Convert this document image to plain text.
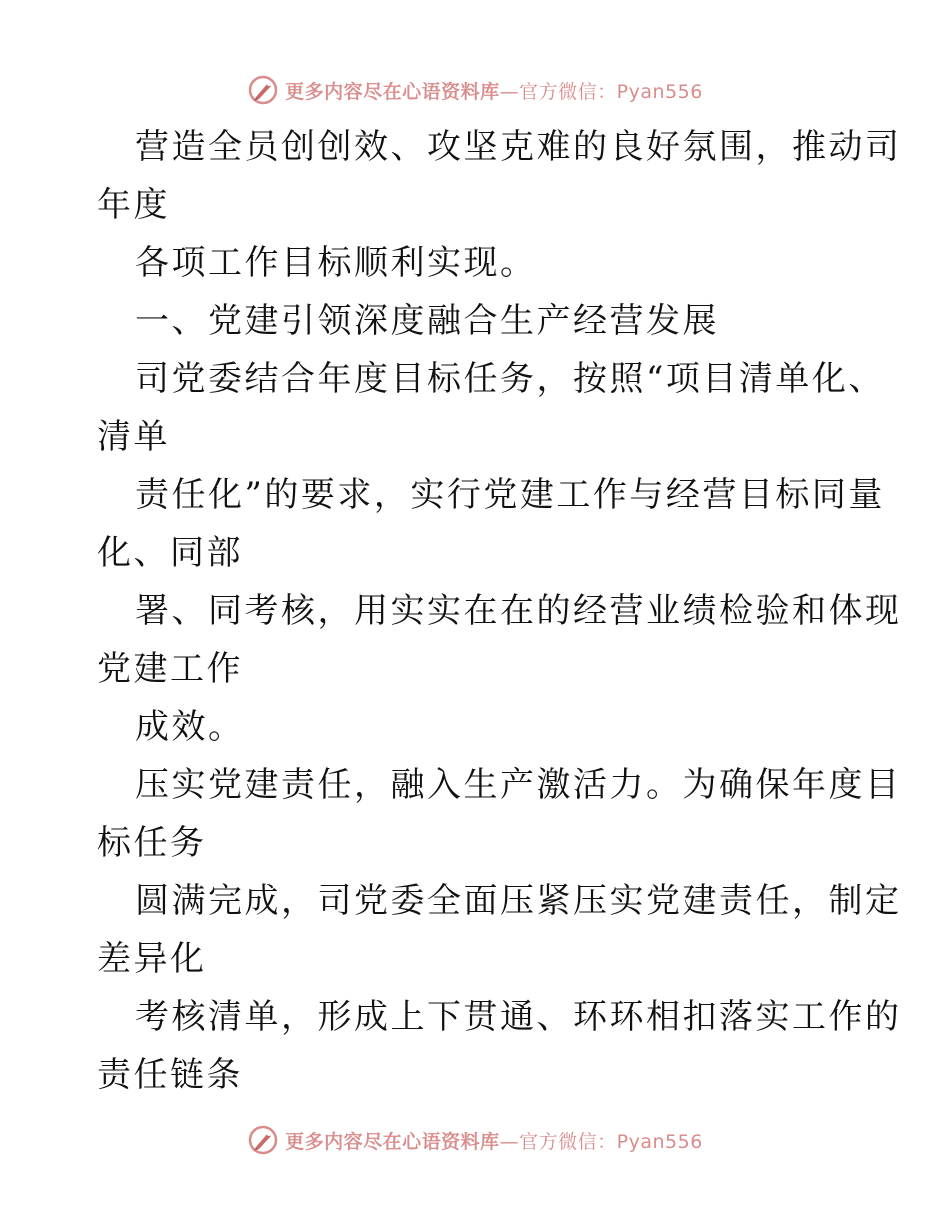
更多内容尽在心语资料库—官方微信：Pyan556
营造全员创创效、攻坚克难的良好氛围，推动司
年度
各项工作目标顺利实现。
一、党建引领深度融合生产经营发展
司党委结合年度目标任务，按照“项目清单化、
清单
责任化”的要求，实行党建工作与经营目标同量
化、同部
署、同考核，用实实在在的经营业绩检验和体现
党建工作
成效。
压实党建责任，融入生产激活力。为确保年度目
标任务
圆满完成，司党委全面压紧压实党建责任，制定
差异化
考核清单，形成上下贯通、环环相扣落实工作的
责任链条
更多内容尽在心语资料库—官方微信：Pyan556
